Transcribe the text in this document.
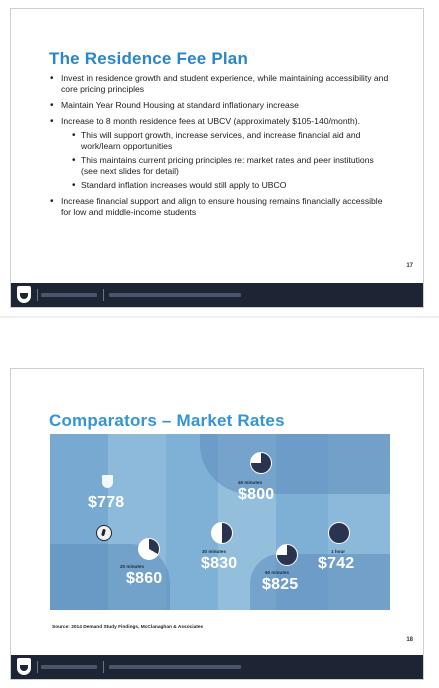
The Residence Fee Plan
• Invest in residence growth and student experience, while maintaining accessibility and core pricing principles
• Maintain Year Round Housing at standard inflationary increase
• Increase to 8 month residence fees at UBCV (approximately $105-140/month).
• This will support growth, increase services, and increase financial aid and work/learn opportunities
• This maintains current pricing principles re: market rates and peer institutions (see next slides for detail)
• Standard inflation increases would still apply to UBCO
• Increase financial support and align to ensure housing remains financially accessible for low and middle-income students
17
Comparators – Market Rates
$778
20 minutes
$860
30 minutes
$830
45 minutes
$800
60 minutes
$825
1 hour
$742
Source: 2014 Demand Study Findings, McClanaghan & Associates
18
